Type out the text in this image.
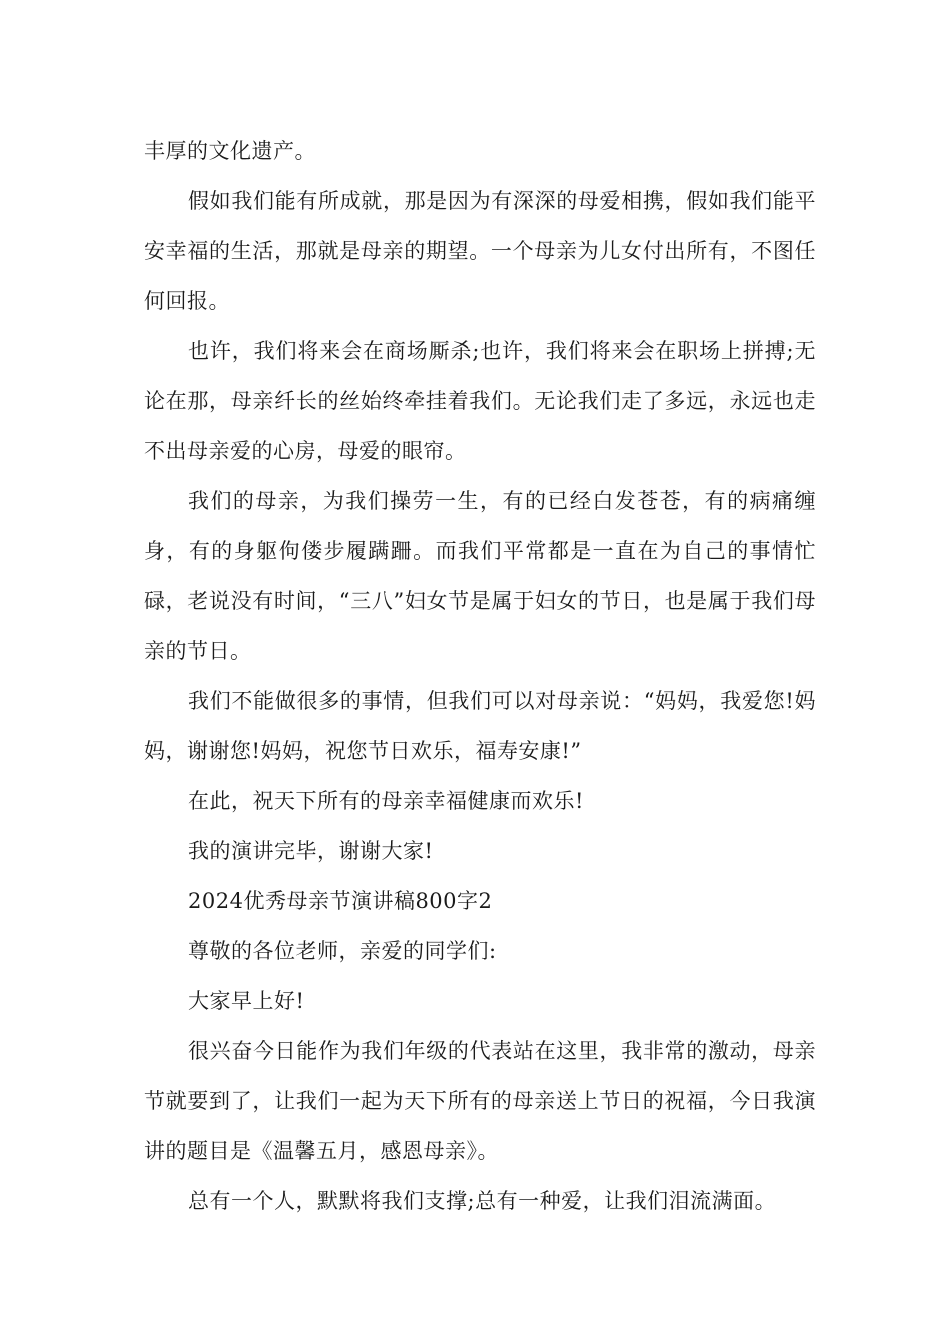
丰厚的文化遗产。

假如我们能有所成就，那是因为有深深的母爱相携，假如我们能平安幸福的生活，那就是母亲的期望。一个母亲为儿女付出所有，不图任何回报。

也许，我们将来会在商场厮杀;也许，我们将来会在职场上拼搏;无论在那，母亲纤长的丝始终牵挂着我们。无论我们走了多远，永远也走不出母亲爱的心房，母爱的眼帘。

我们的母亲，为我们操劳一生，有的已经白发苍苍，有的病痛缠身，有的身躯佝偻步履蹒跚。而我们平常都是一直在为自己的事情忙碌，老说没有时间，“三八”妇女节是属于妇女的节日，也是属于我们母亲的节日。

我们不能做很多的事情，但我们可以对母亲说：“妈妈，我爱您!妈妈，谢谢您!妈妈，祝您节日欢乐，福寿安康!”

在此，祝天下所有的母亲幸福健康而欢乐!

我的演讲完毕，谢谢大家!

2024优秀母亲节演讲稿800字2

尊敬的各位老师，亲爱的同学们:

大家早上好!

很兴奋今日能作为我们年级的代表站在这里，我非常的激动，母亲节就要到了，让我们一起为天下所有的母亲送上节日的祝福，今日我演讲的题目是《温馨五月，感恩母亲》。

总有一个人，默默将我们支撑;总有一种爱，让我们泪流满面。
